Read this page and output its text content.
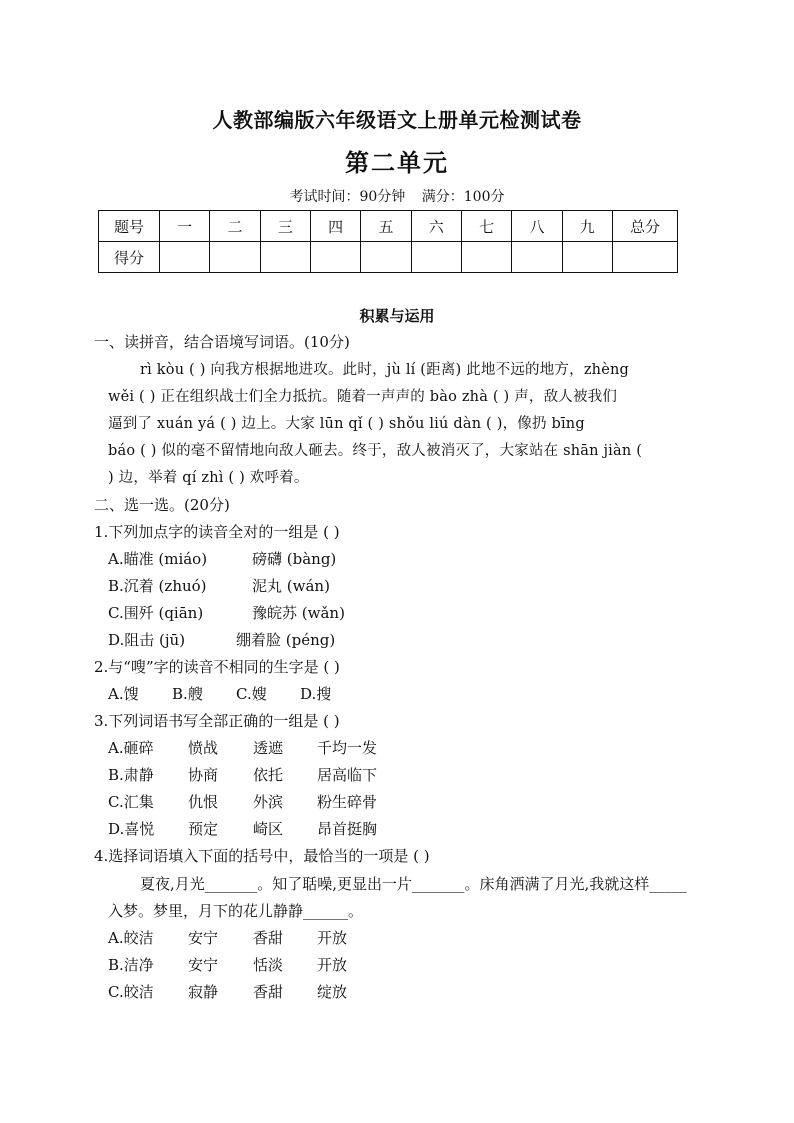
人教部编版六年级语文上册单元检测试卷
第二单元
考试时间：90分钟 满分：100分
题号	一	二	三	四	五	六	七	八	九	总分
得分										
积累与运用
一、读拼音，结合语境写词语。(10分)
rì kòu ( ) 向我方根据地进攻。此时，jù lí (距离) 此地不远的地方，zhèng
wěi ( ) 正在组织战士们全力抵抗。随着一声声的 bào zhà ( ) 声，敌人被我们
逼到了 xuán yá ( ) 边上。大家 lūn qǐ ( ) shǒu liú dàn ( )，像扔 bīng
báo ( ) 似的毫不留情地向敌人砸去。终于，敌人被消灭了，大家站在 shān jiàn (
) 边，举着 qí zhì ( ) 欢呼着。
二、选一选。(20分)
1.下列加点字的读音全对的一组是 ( )
A.瞄准 (miáo)	磅礴 (bàng)
B.沉着 (zhuó)	泥丸 (wán)
C.围歼 (qiān)	豫皖苏 (wǎn)
D.阻击 (jū)	绷着脸 (péng)
2.与“嗖”字的读音不相同的生字是 ( )
A.馊 B.艘 C.嫂 D.搜
3.下列词语书写全部正确的一组是 ( )
A.砸碎 愤战 透遮 千均一发
B.肃静 协商 依托 居高临下
C.汇集 仇恨 外滨 粉生碎骨
D.喜悦 预定 崎区 昂首挺胸
4.选择词语填入下面的括号中，最恰当的一项是 ( )
夏夜,月光_______。知了聒噪,更显出一片_______。床角洒满了月光,我就这样_____
入梦。梦里，月下的花儿静静______。
A.皎洁 安宁 香甜 开放
B.洁净 安宁 恬淡 开放
C.皎洁 寂静 香甜 绽放
